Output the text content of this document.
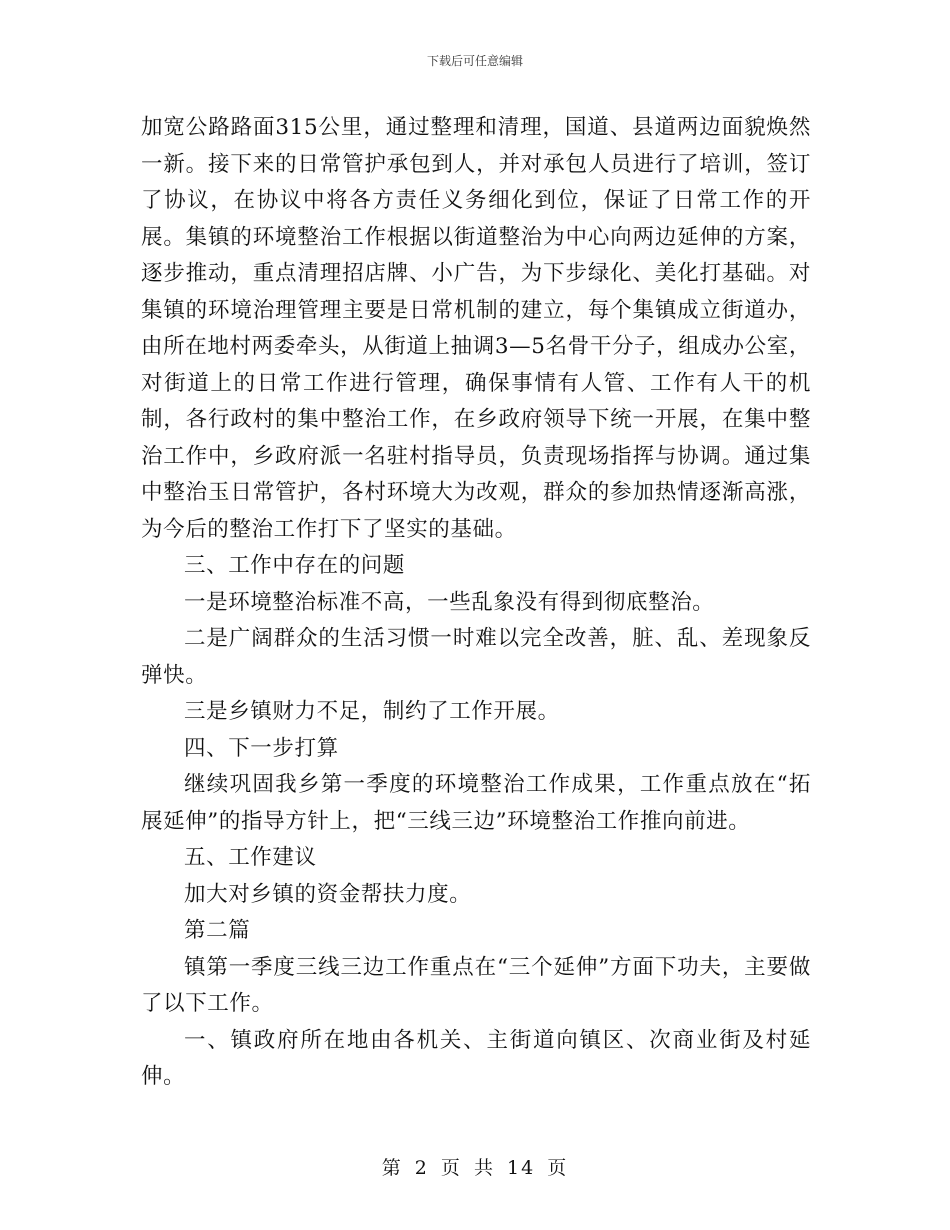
下载后可任意编辑

加宽公路路面315公里，通过整理和清理，国道、县道两边面貌焕然一新。接下来的日常管护承包到人，并对承包人员进行了培训，签订了协议，在协议中将各方责任义务细化到位，保证了日常工作的开展。集镇的环境整治工作根据以街道整治为中心向两边延伸的方案，逐步推动，重点清理招店牌、小广告，为下步绿化、美化打基础。对集镇的环境治理管理主要是日常机制的建立，每个集镇成立街道办，由所在地村两委牵头，从街道上抽调3—5名骨干分子，组成办公室，对街道上的日常工作进行管理，确保事情有人管、工作有人干的机制，各行政村的集中整治工作，在乡政府领导下统一开展，在集中整治工作中，乡政府派一名驻村指导员，负责现场指挥与协调。通过集中整治玉日常管护，各村环境大为改观，群众的参加热情逐渐高涨，为今后的整治工作打下了坚实的基础。

三、工作中存在的问题

一是环境整治标准不高，一些乱象没有得到彻底整治。

二是广阔群众的生活习惯一时难以完全改善，脏、乱、差现象反弹快。

三是乡镇财力不足，制约了工作开展。

四、下一步打算

继续巩固我乡第一季度的环境整治工作成果，工作重点放在“拓展延伸”的指导方针上，把“三线三边”环境整治工作推向前进。

五、工作建议

加大对乡镇的资金帮扶力度。

第二篇

镇第一季度三线三边工作重点在“三个延伸”方面下功夫，主要做了以下工作。

一、镇政府所在地由各机关、主街道向镇区、次商业街及村延伸。

第 2 页 共 14 页
